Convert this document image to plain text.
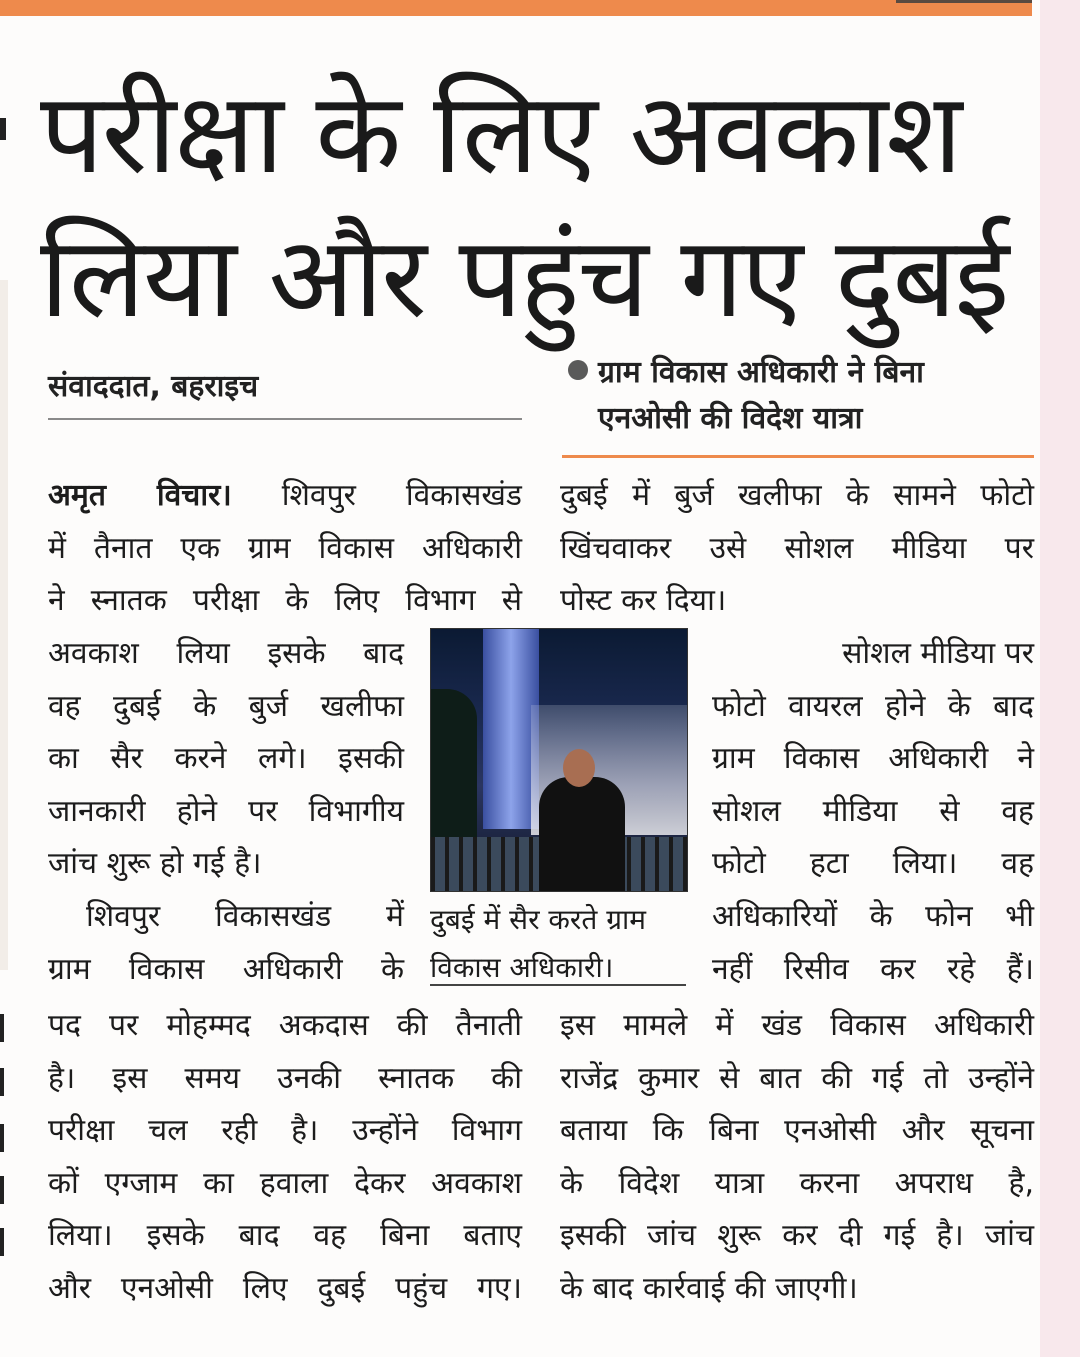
परीक्षा के लिए अवकाश
लिया और पहुंच गए दुबई
संवाददात, बहराइच	ग्राम विकास अधिकारी ने बिना
एनओसी की विदेश यात्रा
अमृत विचार। शिवपुर विकासखंड
में तैनात एक ग्राम विकास अधिकारी
ने स्नातक परीक्षा के लिए विभाग से
अवकाश लिया इसके बाद
वह दुबई के बुर्ज खलीफा
का सैर करने लगे। इसकी
जानकारी होने पर विभागीय
जांच शुरू हो गई है।
शिवपुर विकासखंड में
ग्राम विकास अधिकारी के
पद पर मोहम्मद अकदास की तैनाती
है। इस समय उनकी स्नातक की
परीक्षा चल रही है। उन्होंने विभाग
कों एग्जाम का हवाला देकर अवकाश
लिया। इसके बाद वह बिना बताए
और एनओसी लिए दुबई पहुंच गए।
दुबई में बुर्ज खलीफा के सामने फोटो
खिंचवाकर उसे सोशल मीडिया पर
पोस्ट कर दिया।
सोशल मीडिया पर
फोटो वायरल होने के बाद
ग्राम विकास अधिकारी ने
सोशल मीडिया से वह
फोटो हटा लिया। वह
अधिकारियों के फोन भी
नहीं रिसीव कर रहे हैं।
इस मामले में खंड विकास अधिकारी
राजेंद्र कुमार से बात की गई तो उन्होंने
बताया कि बिना एनओसी और सूचना
के विदेश यात्रा करना अपराध है,
इसकी जांच शुरू कर दी गई है। जांच
के बाद कार्रवाई की जाएगी।
दुबई में सैर करते ग्राम
विकास अधिकारी।
